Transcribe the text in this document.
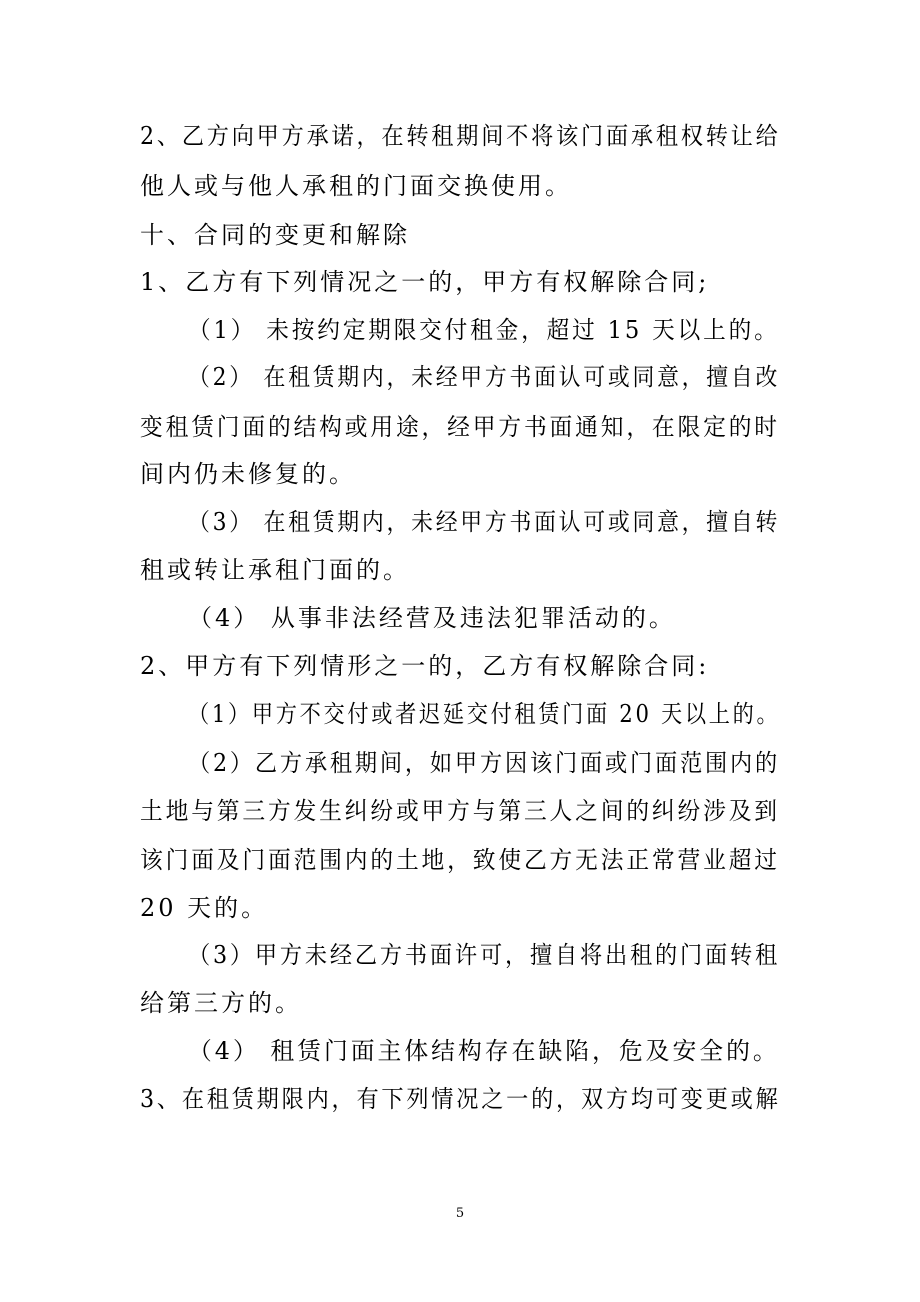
2、乙方向甲方承诺，在转租期间不将该门面承租权转让给
他人或与他人承租的门面交换使用。
十、合同的变更和解除
1、乙方有下列情况之一的，甲方有权解除合同;
（1） 未按约定期限交付租金，超过 15 天以上的。
（2） 在租赁期内，未经甲方书面认可或同意，擅自改
变租赁门面的结构或用途，经甲方书面通知，在限定的时
间内仍未修复的。
（3） 在租赁期内，未经甲方书面认可或同意，擅自转
租或转让承租门面的。
（4） 从事非法经营及违法犯罪活动的。
2、甲方有下列情形之一的，乙方有权解除合同:
（1）甲方不交付或者迟延交付租赁门面 20 天以上的。
（2）乙方承租期间，如甲方因该门面或门面范围内的
土地与第三方发生纠纷或甲方与第三人之间的纠纷涉及到
该门面及门面范围内的土地，致使乙方无法正常营业超过
20 天的。
（3）甲方未经乙方书面许可，擅自将出租的门面转租
给第三方的。
（4） 租赁门面主体结构存在缺陷，危及安全的。
3、在租赁期限内，有下列情况之一的，双方均可变更或解
5
